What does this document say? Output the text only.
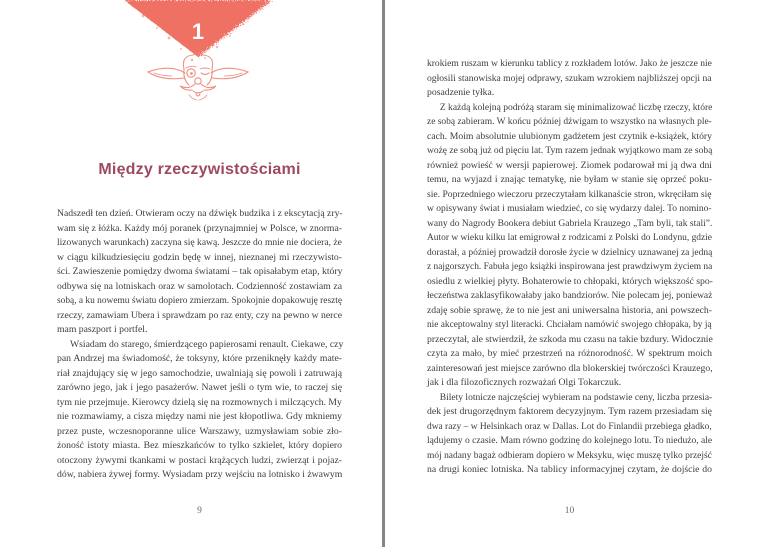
1
Między rzeczywistościami
Nadszedł ten dzień. Otwieram oczy na dźwięk budzika i z ekscytacją zry-
wam się z łóżka. Każdy mój poranek (przynajmniej w Polsce, w znorma-
lizowanych warunkach) zaczyna się kawą. Jeszcze do mnie nie dociera, że
w ciągu kilkudziesięciu godzin będę w innej, nieznanej mi rzeczywisto-
ści. Zawieszenie pomiędzy dwoma światami – tak opisałabym etap, który
odbywa się na lotniskach oraz w samolotach. Codzienność zostawiam za
sobą, a ku nowemu światu dopiero zmierzam. Spokojnie dopakowuję resztę
rzeczy, zamawiam Ubera i sprawdzam po raz enty, czy na pewno w nerce
mam paszport i portfel.
Wsiadam do starego, śmierdzącego papierosami renault. Ciekawe, czy
pan Andrzej ma świadomość, że toksyny, które przeniknęły każdy mate-
riał znajdujący się w jego samochodzie, uwalniają się powoli i zatruwają
zarówno jego, jak i jego pasażerów. Nawet jeśli o tym wie, to raczej się
tym nie przejmuje. Kierowcy dzielą się na rozmownych i milczących. My
nie rozmawiamy, a cisza między nami nie jest kłopotliwa. Gdy mkniemy
przez puste, wczesnoporanne ulice Warszawy, uzmysławiam sobie zło-
żoność istoty miasta. Bez mieszkańców to tylko szkielet, który dopiero
otoczony żywymi tkankami w postaci krążących ludzi, zwierząt i pojaz-
dów, nabiera żywej formy. Wysiadam przy wejściu na lotnisko i żwawym
9
krokiem ruszam w kierunku tablicy z rozkładem lotów. Jako że jeszcze nie
ogłosili stanowiska mojej odprawy, szukam wzrokiem najbliższej opcji na
posadzenie tyłka.
Z każdą kolejną podróżą staram się minimalizować liczbę rzeczy, które
ze sobą zabieram. W końcu później dźwigam to wszystko na własnych ple-
cach. Moim absolutnie ulubionym gadżetem jest czytnik e-książek, który
wożę ze sobą już od pięciu lat. Tym razem jednak wyjątkowo mam ze sobą
również powieść w wersji papierowej. Ziomek podarował mi ją dwa dni
temu, na wyjazd i znając tematykę, nie byłam w stanie się oprzeć poku-
sie. Poprzedniego wieczoru przeczytałam kilkanaście stron, wkręciłam się
w opisywany świat i musiałam wiedzieć, co się wydarzy dalej. To nomino-
wany do Nagrody Bookera debiut Gabriela Krauzego „Tam byli, tak stali”.
Autor w wieku kilku lat emigrował z rodzicami z Polski do Londynu, gdzie
dorastał, a później prowadził dorosłe życie w dzielnicy uznawanej za jedną
z najgorszych. Fabuła jego książki inspirowana jest prawdziwym życiem na
osiedlu z wielkiej płyty. Bohaterowie to chłopaki, których większość spo-
łeczeństwa zaklasyfikowałaby jako bandziorów. Nie polecam jej, ponieważ
zdaję sobie sprawę, że to nie jest ani uniwersalna historia, ani powszech-
nie akceptowalny styl literacki. Chciałam namówić swojego chłopaka, by ją
przeczytał, ale stwierdził, że szkoda mu czasu na takie bzdury. Widocznie
czyta za mało, by mieć przestrzeń na różnorodność. W spektrum moich
zainteresowań jest miejsce zarówno dla blokerskiej twórczości Krauzego,
jak i dla filozoficznych rozważań Olgi Tokarczuk.
Bilety lotnicze najczęściej wybieram na podstawie ceny, liczba przesia-
dek jest drugorzędnym faktorem decyzyjnym. Tym razem przesiadam się
dwa razy – w Helsinkach oraz w Dallas. Lot do Finlandii przebiega gładko,
lądujemy o czasie. Mam równo godzinę do kolejnego lotu. To niedużo, ale
mój nadany bagaż odbieram dopiero w Meksyku, więc muszę tylko przejść
na drugi koniec lotniska. Na tablicy informacyjnej czytam, że dojście do
10
